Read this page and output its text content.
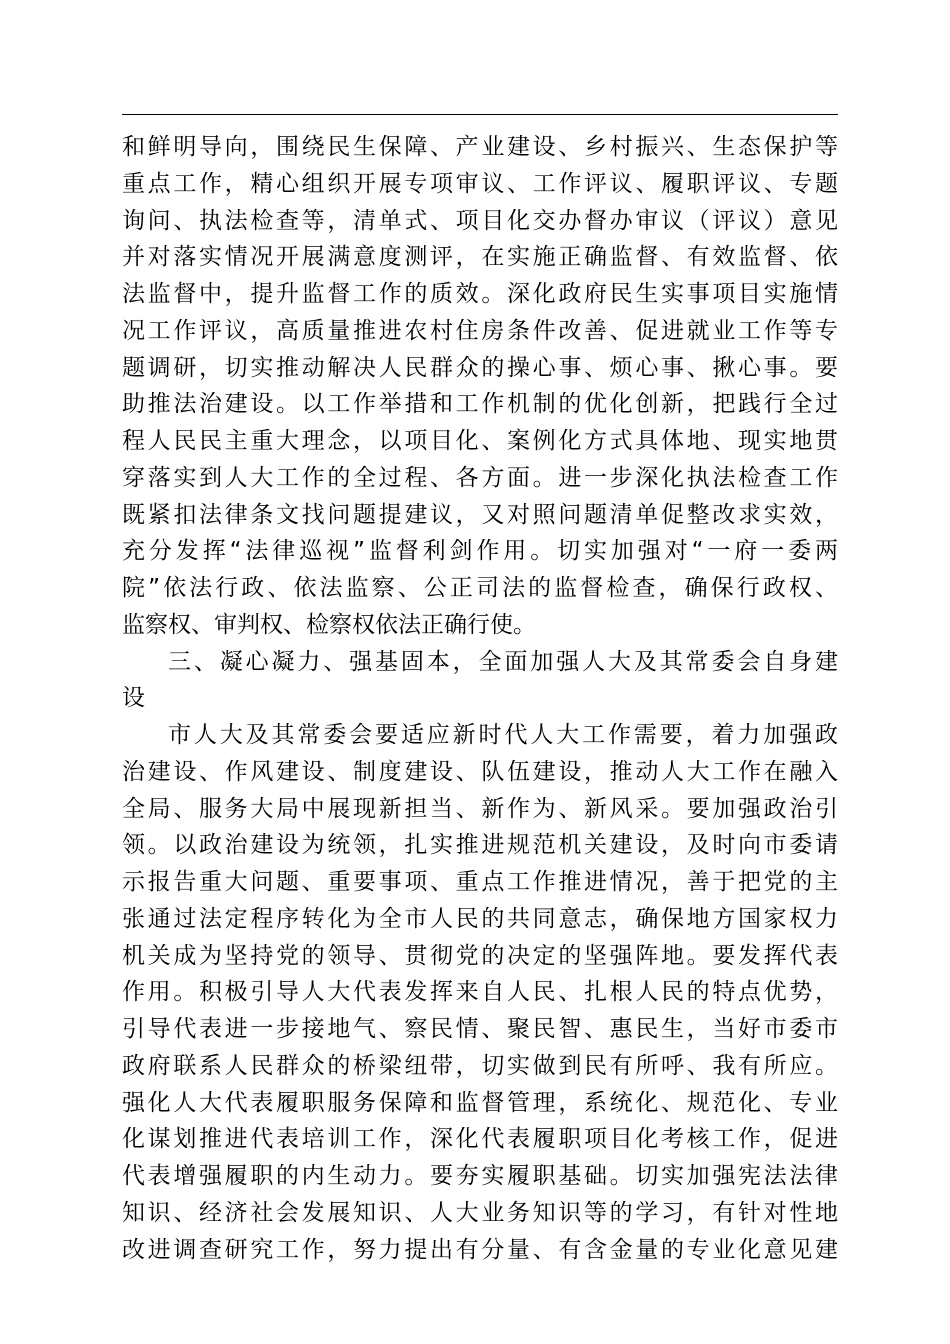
和鲜明导向，围绕民生保障、产业建设、乡村振兴、生态保护等
重点工作，精心组织开展专项审议、工作评议、履职评议、专题
询问、执法检查等，清单式、项目化交办督办审议（评议）意见
并对落实情况开展满意度测评，在实施正确监督、有效监督、依
法监督中，提升监督工作的质效。深化政府民生实事项目实施情
况工作评议，高质量推进农村住房条件改善、促进就业工作等专
题调研，切实推动解决人民群众的操心事、烦心事、揪心事。要
助推法治建设。以工作举措和工作机制的优化创新，把践行全过
程人民民主重大理念，以项目化、案例化方式具体地、现实地贯
穿落实到人大工作的全过程、各方面。进一步深化执法检查工作
既紧扣法律条文找问题提建议，又对照问题清单促整改求实效，
充分发挥“法律巡视”监督利剑作用。切实加强对“一府一委两
院”依法行政、依法监察、公正司法的监督检查，确保行政权、
监察权、审判权、检察权依法正确行使。
三、凝心凝力、强基固本，全面加强人大及其常委会自身建
设
市人大及其常委会要适应新时代人大工作需要，着力加强政
治建设、作风建设、制度建设、队伍建设，推动人大工作在融入
全局、服务大局中展现新担当、新作为、新风采。要加强政治引
领。以政治建设为统领，扎实推进规范机关建设，及时向市委请
示报告重大问题、重要事项、重点工作推进情况，善于把党的主
张通过法定程序转化为全市人民的共同意志，确保地方国家权力
机关成为坚持党的领导、贯彻党的决定的坚强阵地。要发挥代表
作用。积极引导人大代表发挥来自人民、扎根人民的特点优势，
引导代表进一步接地气、察民情、聚民智、惠民生，当好市委市
政府联系人民群众的桥梁纽带，切实做到民有所呼、我有所应。
强化人大代表履职服务保障和监督管理，系统化、规范化、专业
化谋划推进代表培训工作，深化代表履职项目化考核工作，促进
代表增强履职的内生动力。要夯实履职基础。切实加强宪法法律
知识、经济社会发展知识、人大业务知识等的学习，有针对性地
改进调查研究工作，努力提出有分量、有含金量的专业化意见建
